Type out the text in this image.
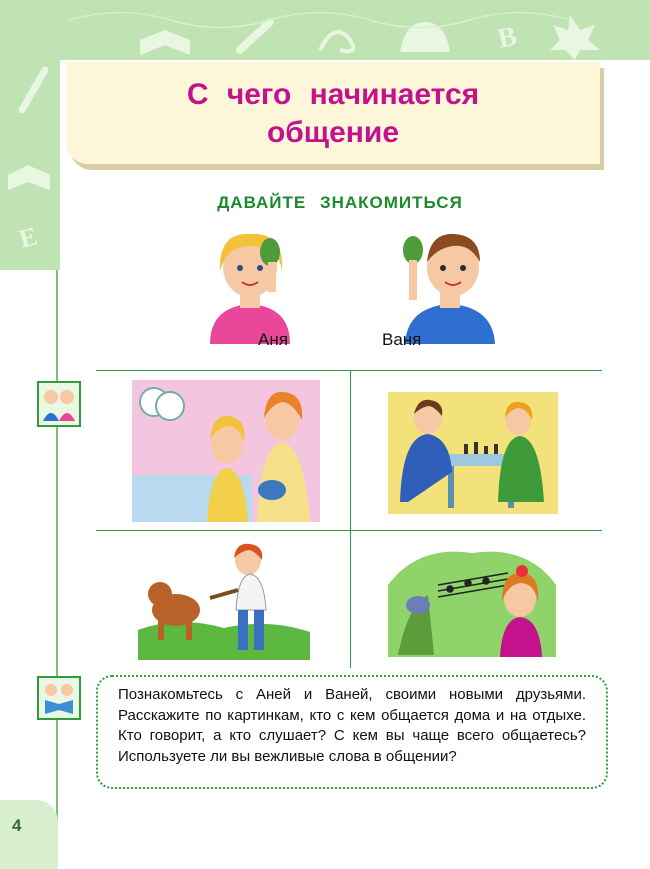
B
Е
С чего начинается
общение
ДАВАЙТЕ ЗНАКОМИТЬСЯ
Аня	Ваня
Познакомьтесь с Аней и Ваней, своими новыми друзьями. Расскажите по картинкам, кто с кем общается дома и на отдыхе. Кто говорит, а кто слушает? С кем вы чаще всего общаетесь? Используете ли вы вежливые слова в общении?
4
